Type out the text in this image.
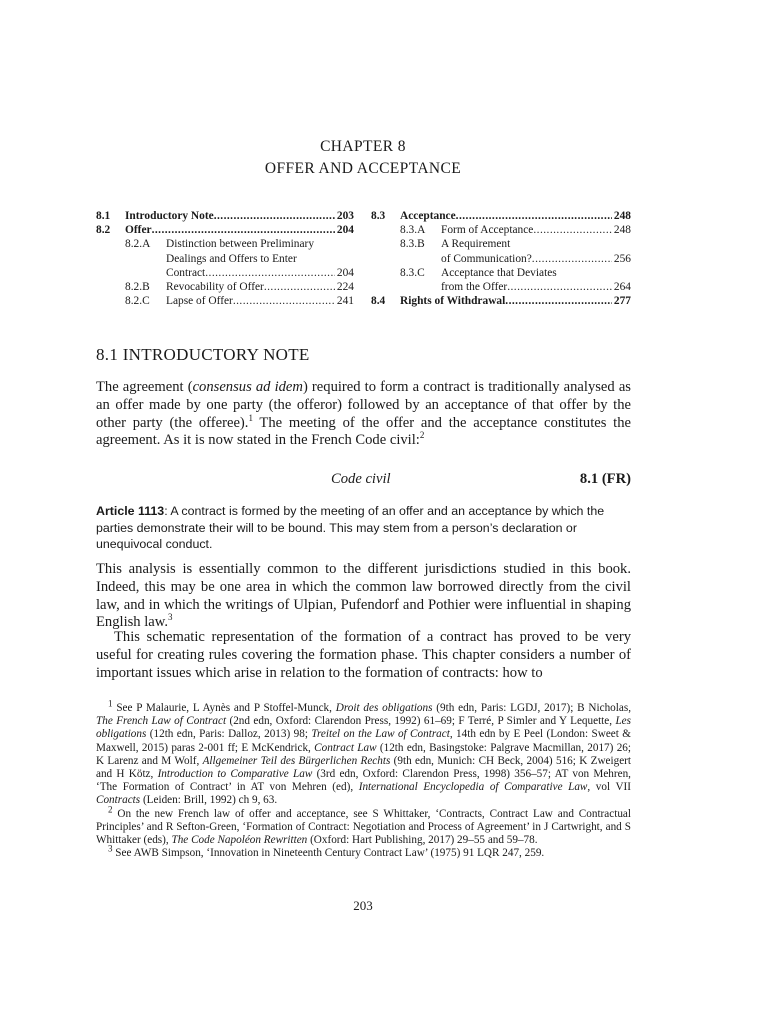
CHAPTER 8
OFFER AND ACCEPTANCE
8.1 Introductory Note . . .	203
8.2 Offer . . .	204
8.2.A Distinction between Preliminary
Dealings and Offers to Enter
Contract . . .	204
8.2.B Revocability of Offer . . .	224
8.2.C Lapse of Offer . . .	241
8.3 Acceptance . . .	248
8.3.A Form of Acceptance . . .	248
8.3.B A Requirement
of Communication? . . .	256
8.3.C Acceptance that Deviates
from the Offer . . .	264
8.4 Rights of Withdrawal . . .	277
8.1 INTRODUCTORY NOTE
The agreement (consensus ad idem) required to form a contract is traditionally analysed as an offer made by one party (the offeror) followed by an acceptance of that offer by the other party (the offeree).$^1$ The meeting of the offer and the acceptance constitutes the agreement. As it is now stated in the French Code civil:$^2$
Code civil	8.1 (FR)
Article 1113: A contract is formed by the meeting of an offer and an acceptance by which the parties demonstrate their will to be bound. This may stem from a person’s declaration or unequivocal conduct.
This analysis is essentially common to the different jurisdictions studied in this book. Indeed, this may be one area in which the common law borrowed directly from the civil law, and in which the writings of Ulpian, Pufendorf and Pothier were influential in shaping English law.$^3$
This schematic representation of the formation of a contract has proved to be very useful for creating rules covering the formation phase. This chapter considers a number of important issues which arise in relation to the formation of contracts: how to

$^1$ See P Malaurie, L Aynès and P Stoffel-Munck, Droit des obligations (9th edn, Paris: LGDJ, 2017); B Nicholas, The French Law of Contract (2nd edn, Oxford: Clarendon Press, 1992) 61–69; F Terré, P Simler and Y Lequette, Les obligations (12th edn, Paris: Dalloz, 2013) 98; Treitel on the Law of Contract, 14th edn by E Peel (London: Sweet & Maxwell, 2015) paras 2-001 ff; E McKendrick, Contract Law (12th edn, Basingstoke: Palgrave Macmillan, 2017) 26; K Larenz and M Wolf, Allgemeiner Teil des Bürgerlichen Rechts (9th edn, Munich: CH Beck, 2004) 516; K Zweigert and H Kötz, Introduction to Comparative Law (3rd edn, Oxford: Clarendon Press, 1998) 356–57; AT von Mehren, ‘The Formation of Contract’ in AT von Mehren (ed), International Encyclopedia of Comparative Law, vol VII Contracts (Leiden: Brill, 1992) ch 9, 63.

$^2$ On the new French law of offer and acceptance, see S Whittaker, ‘Contracts, Contract Law and Contractual Principles’ and R Sefton-Green, ‘Formation of Contract: Negotiation and Process of Agreement’ in J Cartwright, and S Whittaker (eds), The Code Napoléon Rewritten (Oxford: Hart Publishing, 2017) 29–55 and 59–78.

$^3$ See AWB Simpson, ‘Innovation in Nineteenth Century Contract Law’ (1975) 91 LQR 247, 259.

203
